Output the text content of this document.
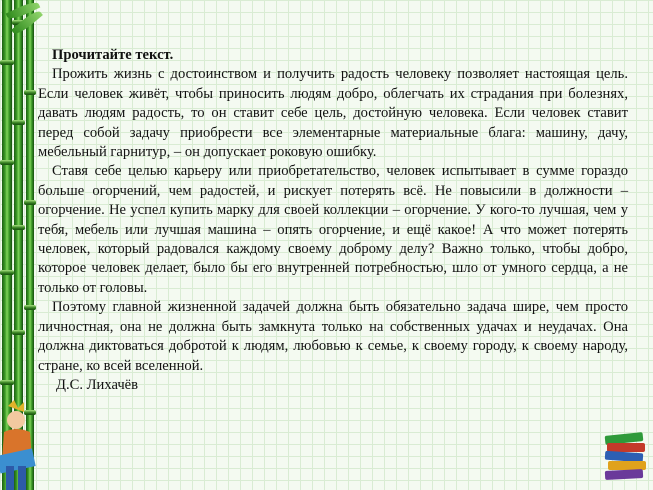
Прочитайте текст.

Прожить жизнь с достоинством и получить радость человеку позволяет настоящая цель. Если человек живёт, чтобы приносить людям добро, облегчать их страдания при болезнях, давать людям радость, то он ставит себе цель, достойную человека. Если человек ставит перед собой задачу приобрести все элементарные материальные блага: машину, дачу, мебельный гарнитур, – он допускает роковую ошибку.

Ставя себе целью карьеру или приобретательство, человек испытывает в сумме гораздо больше огорчений, чем радостей, и рискует потерять всё. Не повысили в должности – огорчение. Не успел купить марку для своей коллекции – огорчение. У кого-то лучшая, чем у тебя, мебель или лучшая машина – опять огорчение, и ещё какое! А что может потерять человек, который радовался каждому своему доброму делу? Важно только, чтобы добро, которое человек делает, было бы его внутренней потребностью, шло от умного сердца, а не только от головы.

Поэтому главной жизненной задачей должна быть обязательно задача шире, чем просто личностная, она не должна быть замкнута только на собственных удачах и неудачах. Она должна диктоваться добротой к людям, любовью к семье, к своему городу, к своему народу, стране, ко всей вселенной.

Д.С. Лихачёв
